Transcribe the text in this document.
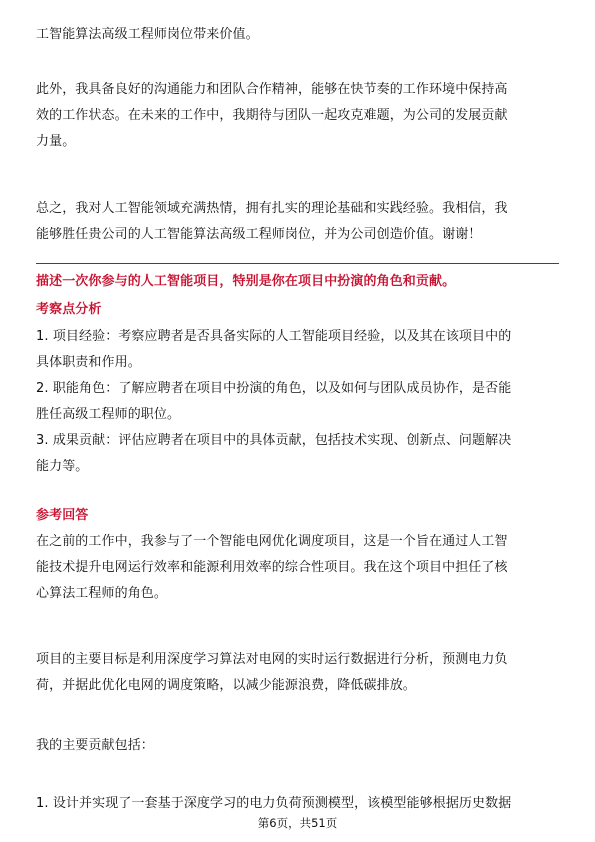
工智能算法高级工程师岗位带来价值。

此外，我具备良好的沟通能力和团队合作精神，能够在快节奏的工作环境中保持高
效的工作状态。在未来的工作中，我期待与团队一起攻克难题，为公司的发展贡献
力量。

总之，我对人工智能领域充满热情，拥有扎实的理论基础和实践经验。我相信，我
能够胜任贵公司的人工智能算法高级工程师岗位，并为公司创造价值。谢谢！

描述一次你参与的人工智能项目，特别是你在项目中扮演的角色和贡献。

考察点分析

1. 项目经验：考察应聘者是否具备实际的人工智能项目经验，以及其在该项目中的
具体职责和作用。
2. 职能角色：了解应聘者在项目中扮演的角色，以及如何与团队成员协作，是否能
胜任高级工程师的职位。
3. 成果贡献：评估应聘者在项目中的具体贡献，包括技术实现、创新点、问题解决
能力等。

参考回答

在之前的工作中，我参与了一个智能电网优化调度项目，这是一个旨在通过人工智
能技术提升电网运行效率和能源利用效率的综合性项目。我在这个项目中担任了核
心算法工程师的角色。

项目的主要目标是利用深度学习算法对电网的实时运行数据进行分析，预测电力负
荷，并据此优化电网的调度策略，以减少能源浪费，降低碳排放。

我的主要贡献包括：

1. 设计并实现了一套基于深度学习的电力负荷预测模型，该模型能够根据历史数据

第6页，共51页
